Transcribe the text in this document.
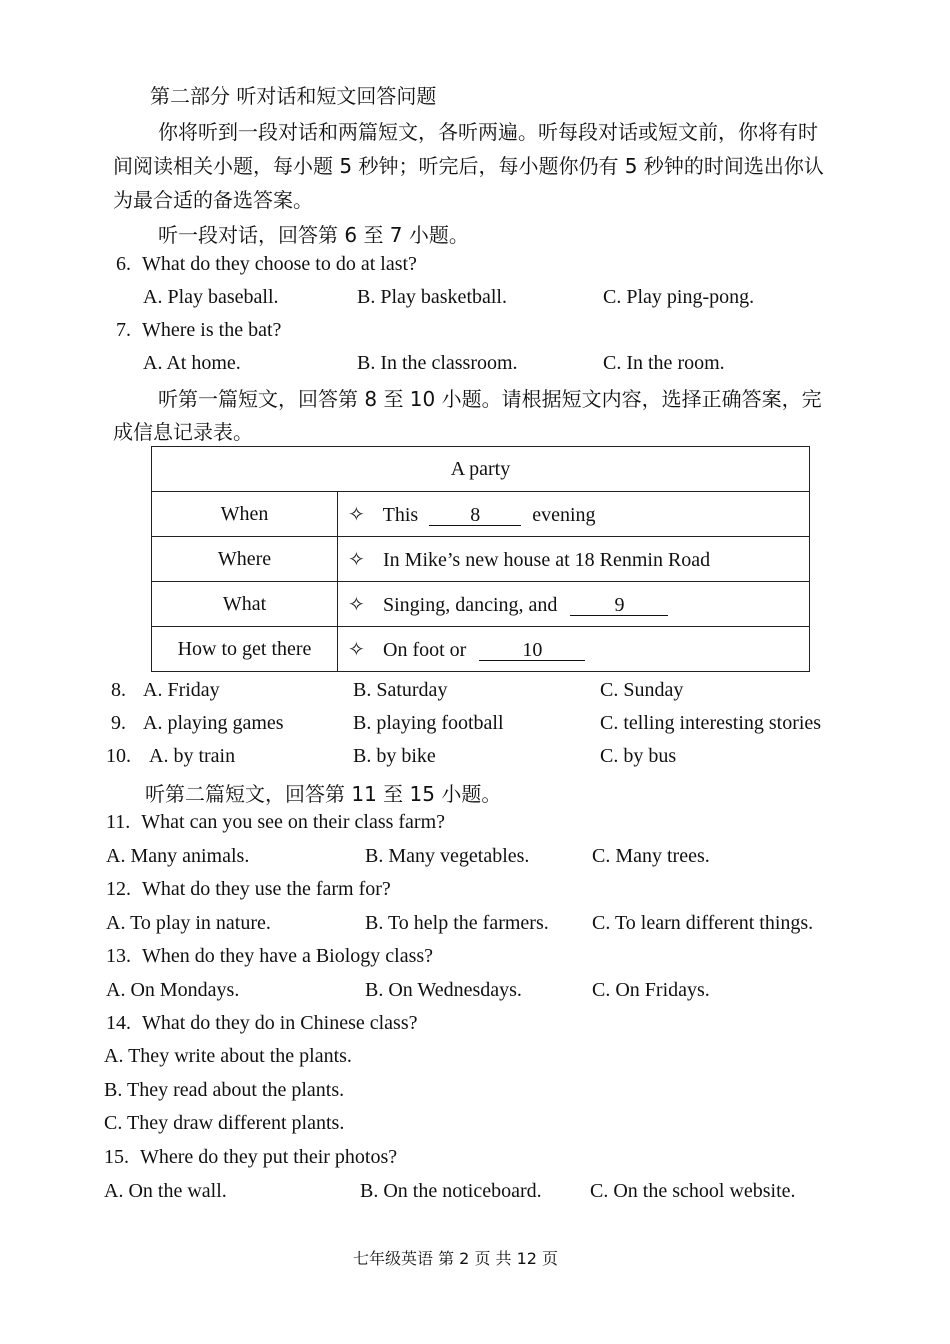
第二部分 听对话和短文回答问题
你将听到一段对话和两篇短文，各听两遍。听每段对话或短文前，你将有时
间阅读相关小题，每小题 5 秒钟；听完后，每小题你仍有 5 秒钟的时间选出你认
为最合适的备选答案。
听一段对话，回答第 6 至 7 小题。
6. What do they choose to do at last?
A. Play baseball.	B. Play basketball.	C. Play ping-pong.
7. Where is the bat?
A. At home.	B. In the classroom.	C. In the room.
听第一篇短文，回答第 8 至 10 小题。请根据短文内容，选择正确答案，完
成信息记录表。
A party	
When	✧ This 8 evening
Where	✧ In Mike’s new house at 18 Renmin Road
What	✧ Singing, dancing, and 9
How to get there	✧ On foot or 10
8. A. Friday	B. Saturday	C. Sunday
9. A. playing games	B. playing football	C. telling interesting stories
10. A. by train	B. by bike	C. by bus
听第二篇短文，回答第 11 至 15 小题。
11. What can you see on their class farm?
A. Many animals.	B. Many vegetables.	C. Many trees.
12. What do they use the farm for?
A. To play in nature.	B. To help the farmers. C. To learn different things.
13. When do they have a Biology class?
A. On Mondays.	B. On Wednesdays.	C. On Fridays.
14. What do they do in Chinese class?
A. They write about the plants.
B. They read about the plants.
C. They draw different plants.
15. Where do they put their photos?
A. On the wall.	B. On the noticeboard. C. On the school website.
七年级英语 第 2 页 共 12 页
